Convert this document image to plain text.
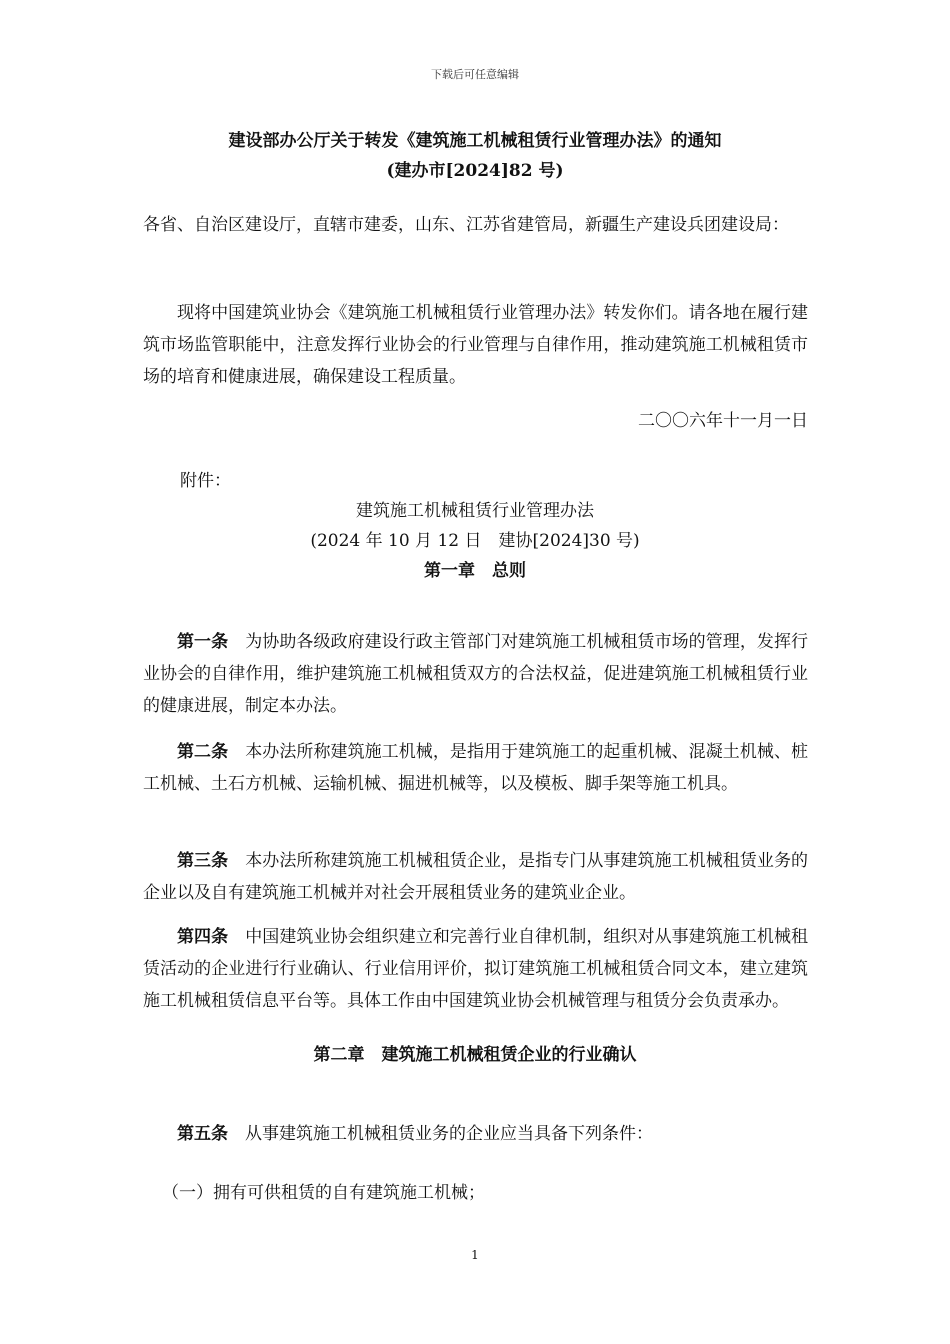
下载后可任意编辑
建设部办公厅关于转发《建筑施工机械租赁行业管理办法》的通知
(建办市[2024]82 号)
各省、自治区建设厅，直辖市建委，山东、江苏省建管局，新疆生产建设兵团建设局：
现将中国建筑业协会《建筑施工机械租赁行业管理办法》转发你们。请各地在履行建筑市场监管职能中，注意发挥行业协会的行业管理与自律作用，推动建筑施工机械租赁市场的培育和健康进展，确保建设工程质量。
二〇〇六年十一月一日
附件：
建筑施工机械租赁行业管理办法
(2024 年 10 月 12 日　建协[2024]30 号)
第一章　总则
第一条　 为协助各级政府建设行政主管部门对建筑施工机械租赁市场的管理，发挥行业协会的自律作用，维护建筑施工机械租赁双方的合法权益，促进建筑施工机械租赁行业的健康进展，制定本办法。
第二条　 本办法所称建筑施工机械，是指用于建筑施工的起重机械、混凝土机械、桩工机械、土石方机械、运输机械、掘进机械等，以及模板、脚手架等施工机具。
第三条　 本办法所称建筑施工机械租赁企业，是指专门从事建筑施工机械租赁业务的企业以及自有建筑施工机械并对社会开展租赁业务的建筑业企业。
第四条　 中国建筑业协会组织建立和完善行业自律机制，组织对从事建筑施工机械租赁活动的企业进行行业确认、行业信用评价，拟订建筑施工机械租赁合同文本，建立建筑施工机械租赁信息平台等。具体工作由中国建筑业协会机械管理与租赁分会负责承办。
第二章　建筑施工机械租赁企业的行业确认
第五条　 从事建筑施工机械租赁业务的企业应当具备下列条件：
（一）拥有可供租赁的自有建筑施工机械；
1
